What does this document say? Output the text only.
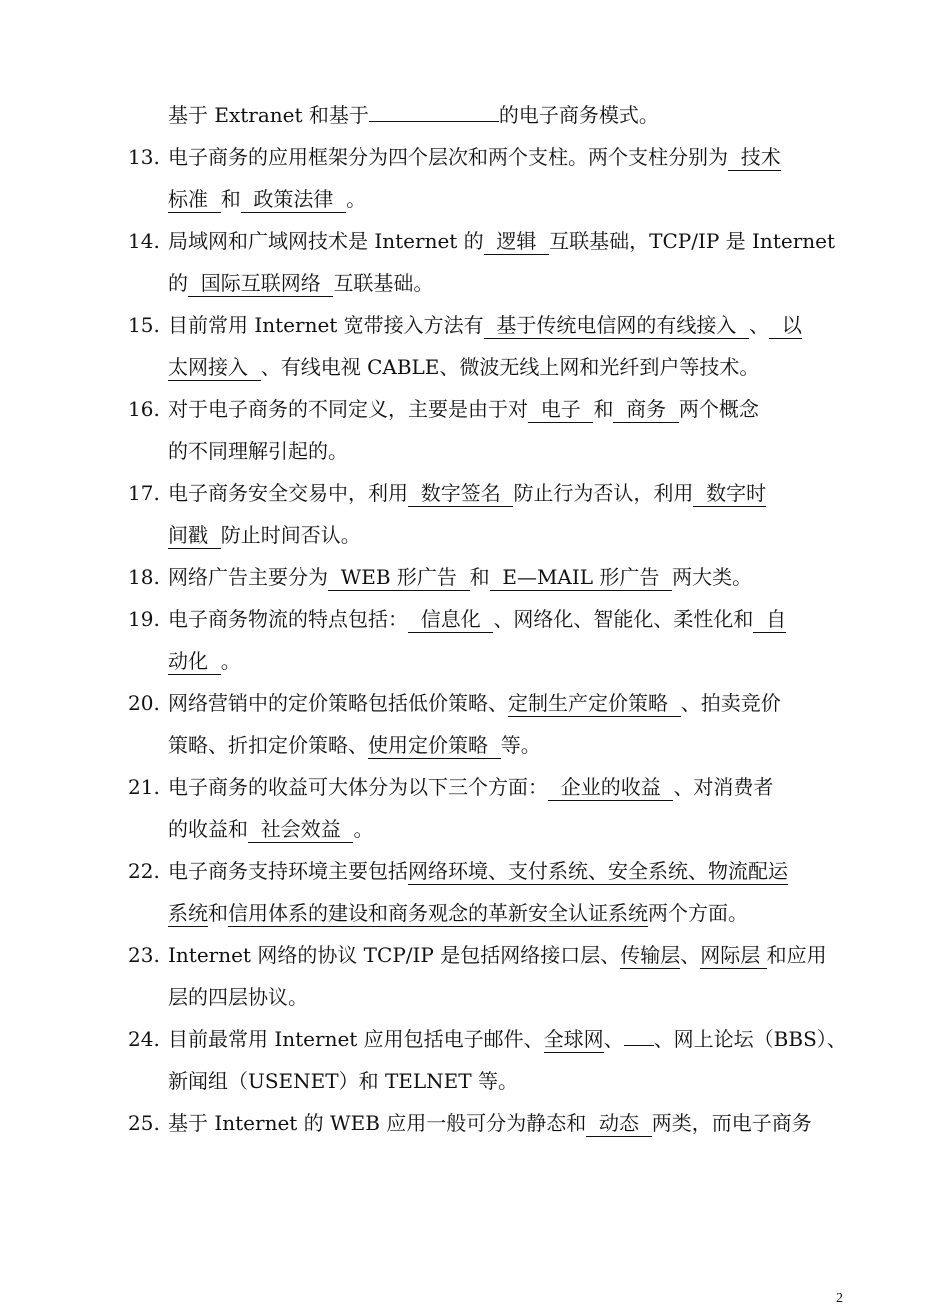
2
基于 Extranet 和基于	的电子商务模式。
13. 电子商务的应用框架分为四个层次和两个支柱。两个支柱分别为  技术
标准  和  政策法律  。
14. 局域网和广域网技术是 Internet 的  逻辑  互联基础，TCP/IP 是 Internet
的  国际互联网络  互联基础。
15. 目前常用 Internet 宽带接入方法有  基于传统电信网的有线接入  、  以
太网接入  、有线电视 CABLE、微波无线上网和光纤到户等技术。
16. 对于电子商务的不同定义，主要是由于对  电子  和  商务  两个概念
的不同理解引起的。
17. 电子商务安全交易中，利用  数字签名  防止行为否认，利用  数字时
间戳  防止时间否认。
18. 网络广告主要分为  WEB 形广告  和  E—MAIL 形广告  两大类。
19. 电子商务物流的特点包括：  信息化  、网络化、智能化、柔性化和  自
动化  。
20. 网络营销中的定价策略包括低价策略、定制生产定价策略  、拍卖竞价
策略、折扣定价策略、使用定价策略  等。
21. 电子商务的收益可大体分为以下三个方面：  企业的收益  、对消费者
的收益和  社会效益  。
22. 电子商务支持环境主要包括网络环境、支付系统、安全系统、物流配运
系统和信用体系的建设和商务观念的革新安全认证系统两个方面。
23. Internet 网络的协议 TCP/IP 是包括网络接口层、传输层、网际层 和应用
层的四层协议。
24. 目前最常用 Internet 应用包括电子邮件、全球网、 、网上论坛（BBS）、
新闻组（USENET）和 TELNET 等。
25. 基于 Internet 的 WEB 应用一般可分为静态和  动态  两类，而电子商务
